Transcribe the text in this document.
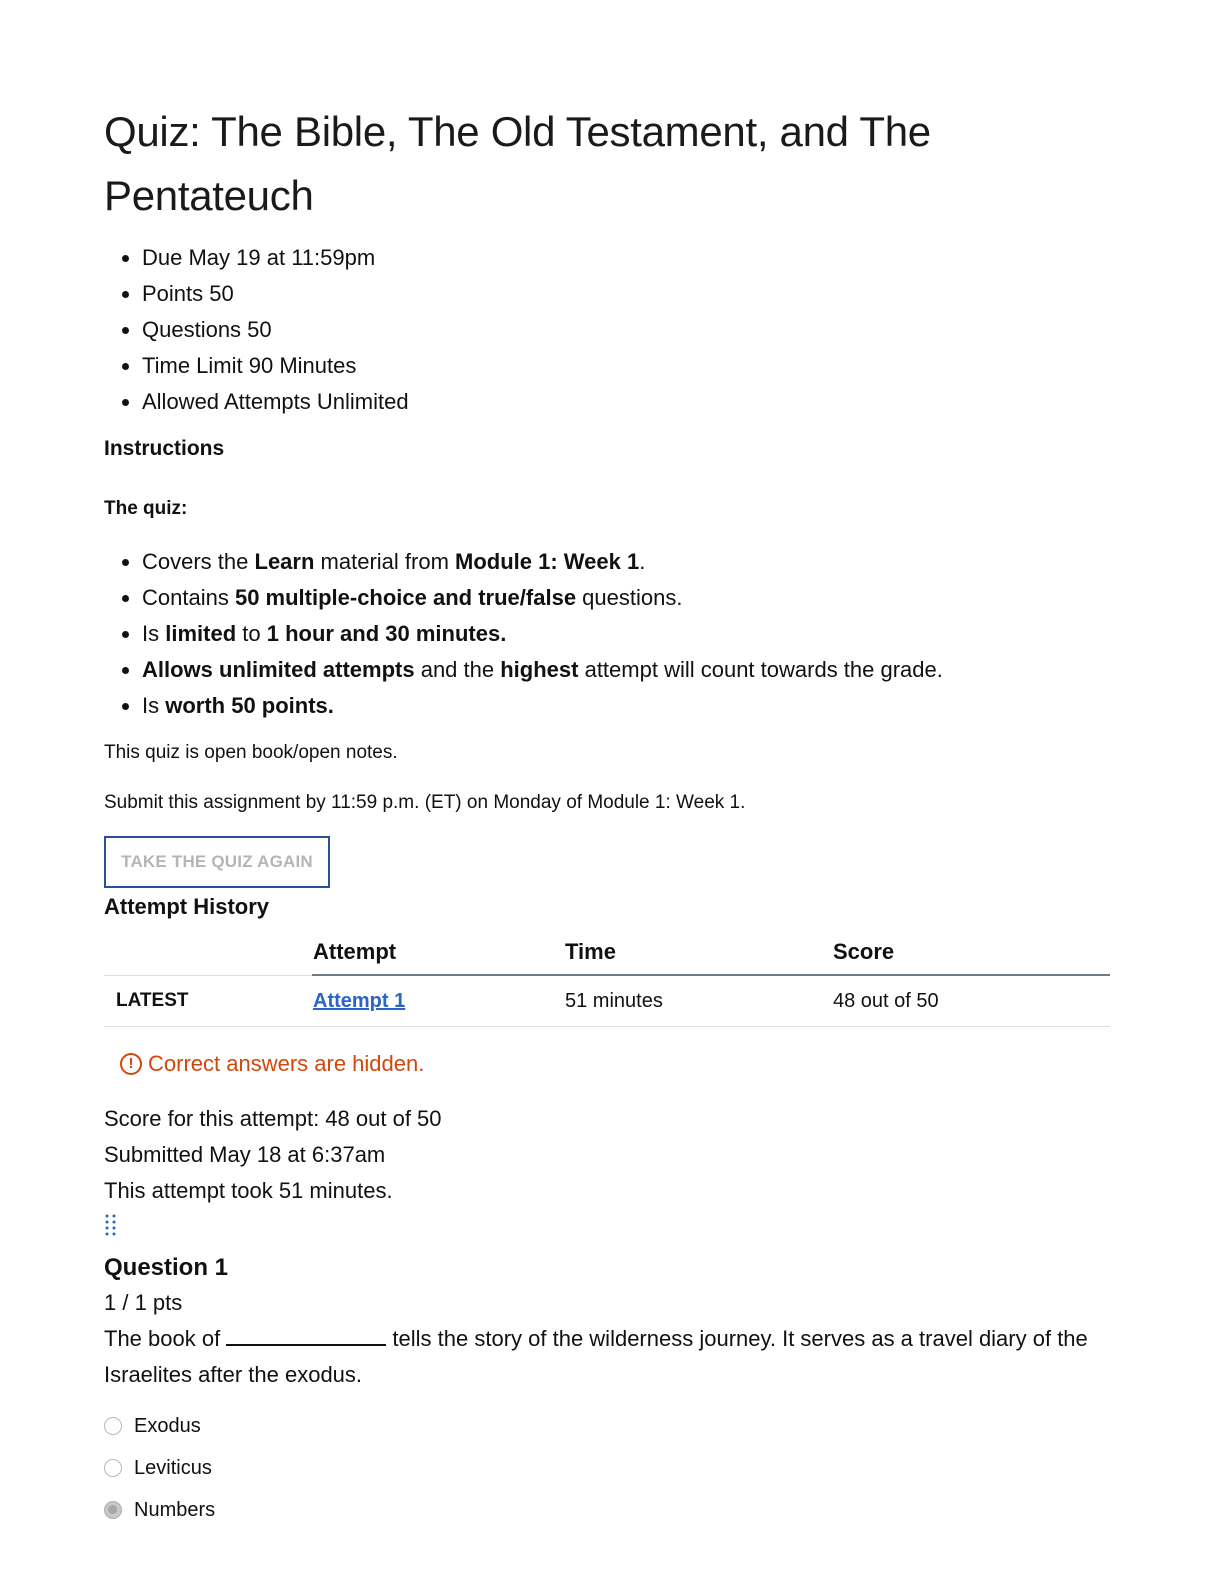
Quiz: The Bible, The Old Testament, and The Pentateuch
• Due May 19 at 11:59pm
• Points 50
• Questions 50
• Time Limit 90 Minutes
• Allowed Attempts Unlimited
Instructions
The quiz:
• Covers the Learn material from Module 1: Week 1.
• Contains 50 multiple-choice and true/false questions.
• Is limited to 1 hour and 30 minutes.
• Allows unlimited attempts and the highest attempt will count towards the grade.
• Is worth 50 points.

This quiz is open book/open notes.

Submit this assignment by 11:59 p.m. (ET) on Monday of Module 1: Week 1.

TAKE THE QUIZ AGAIN
Attempt History
	Attempt	Time	Score
LATEST	Attempt 1	51 minutes	48 out of 50
! Correct answers are hidden.
Score for this attempt: 48 out of 50
Submitted May 18 at 6:37am
This attempt took 51 minutes.
Question 1
1 / 1 pts
The book of	tells the story of the wilderness journey. It serves as a travel diary of the Israelites after the exodus.
Exodus
Leviticus
Numbers
